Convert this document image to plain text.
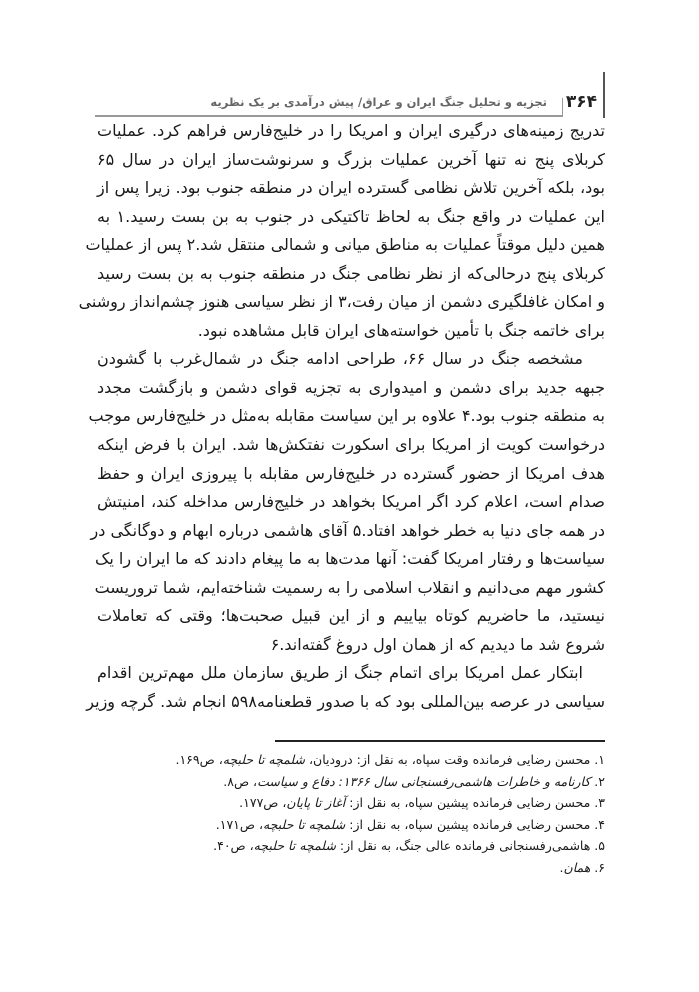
۳۶۴
تجزیه و تحلیل جنگ ایران و عراق/ پیش درآمدی بر یک نظریه
تدریج زمینه‌های درگیری ایران و امریکا را در خلیج‌فارس فراهم کرد. عملیات
کربلای پنج نه تنها آخرین عملیات بزرگ و سرنوشت‌ساز ایران در سال ۶۵
بود، بلکه آخرین تلاش نظامی گسترده ایران در منطقه جنوب بود. زیرا پس از
این عملیات در واقع جنگ به لحاظ تاکتیکی در جنوب به بن بست رسید.۱ به
همین دلیل موقتاً عملیات به مناطق میانی و شمالی منتقل شد.۲ پس از عملیات
کربلای پنج درحالی‌که از نظر نظامی جنگ در منطقه جنوب به بن بست رسید
و امکان غافلگیری دشمن از میان رفت،۳ از نظر سیاسی هنوز چشم‌انداز روشنی
برای خاتمه جنگ با تأمین خواسته‌های ایران قابل مشاهده نبود.
مشخصه جنگ در سال ۶۶، طراحی ادامه جنگ در شمال‌غرب با گشودن
جبهه جدید برای دشمن و امیدواری به تجزیه قوای دشمن و بازگشت مجدد
به منطقه جنوب بود.۴ علاوه بر این سیاست مقابله به‌مثل در خلیج‌فارس موجب
درخواست کویت از امریکا برای اسکورت نفتکش‌ها شد. ایران با فرض اینکه
هدف امریکا از حضور گسترده در خلیج‌فارس مقابله با پیروزی ایران و حفظ
صدام است، اعلام کرد اگر امریکا بخواهد در خلیج‌فارس مداخله کند، امنیتش
در همه جای دنیا به خطر خواهد افتاد.۵ آقای هاشمی درباره ابهام و دوگانگی در
سیاست‌ها و رفتار امریکا گفت: آنها مدت‌ها به ما پیغام دادند که ما ایران را یک
کشور مهم می‌دانیم و انقلاب اسلامی را به رسمیت شناخته‌ایم، شما تروریست
نیستید، ما حاضریم کوتاه بیاییم و از این قبیل صحبت‌ها؛ وقتی که تعاملات
شروع شد ما دیدیم که از همان اول دروغ گفته‌اند.۶
ابتکار عمل امریکا برای اتمام جنگ از طریق سازمان ملل مهم‌ترین اقدام
سیاسی در عرصه بین‌المللی بود که با صدور قطعنامه۵۹۸ انجام شد. گرچه وزیر
۱. محسن رضایی فرمانده وقت سپاه، به نقل از: درودیان، شلمچه تا حلبچه، ص۱۶۹.
۲. کارنامه و خاطرات هاشمی‌رفسنجانی سال ۱۳۶۶: دفاع و سیاست، ص۸.
۳. محسن رضایی فرمانده پیشین سپاه، به نقل از: آغاز تا پایان، ص۱۷۷.
۴. محسن رضایی فرمانده پیشین سپاه، به نقل از: شلمچه تا حلبچه، ص۱۷۱.
۵. هاشمی‌رفسنجانی فرمانده عالی جنگ، به نقل از: شلمچه تا حلبچه، ص۴۰.
۶. همان.
